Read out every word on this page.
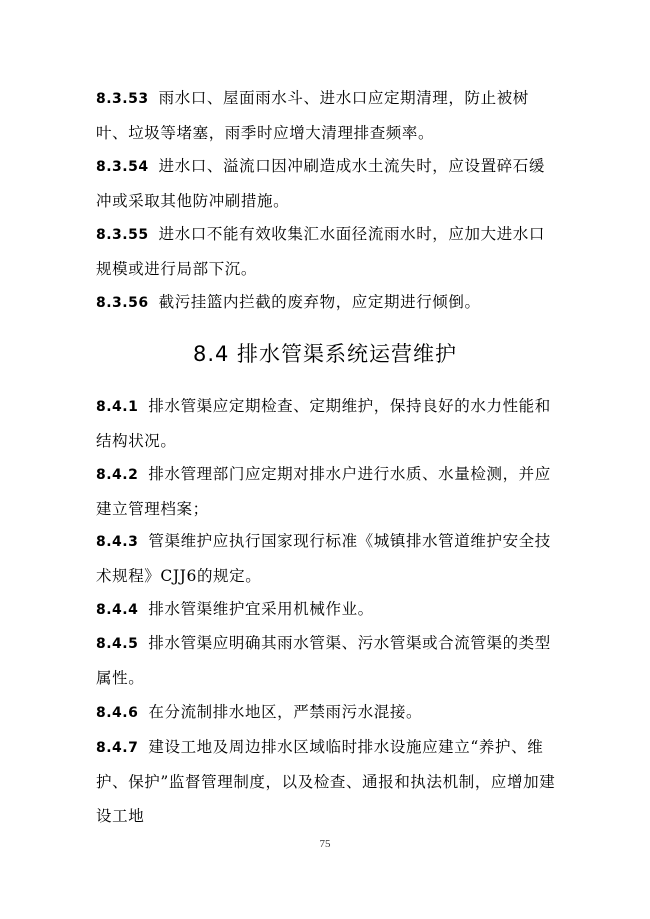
8.3.53 雨水口、屋面雨水斗、进水口应定期清理，防止被树叶、垃圾等堵塞，雨季时应增大清理排查频率。
8.3.54 进水口、溢流口因冲刷造成水土流失时，应设置碎石缓冲或采取其他防冲刷措施。
8.3.55 进水口不能有效收集汇水面径流雨水时，应加大进水口规模或进行局部下沉。
8.3.56 截污挂篮内拦截的废弃物，应定期进行倾倒。
8.4 排水管渠系统运营维护
8.4.1 排水管渠应定期检查、定期维护，保持良好的水力性能和结构状况。
8.4.2 排水管理部门应定期对排水户进行水质、水量检测，并应建立管理档案；
8.4.3 管渠维护应执行国家现行标准《城镇排水管道维护安全技术规程》CJJ6的规定。
8.4.4 排水管渠维护宜采用机械作业。
8.4.5 排水管渠应明确其雨水管渠、污水管渠或合流管渠的类型属性。
8.4.6 在分流制排水地区，严禁雨污水混接。
8.4.7 建设工地及周边排水区域临时排水设施应建立“养护、维护、保护”监督管理制度，以及检查、通报和执法机制，应增加建设工地
75
